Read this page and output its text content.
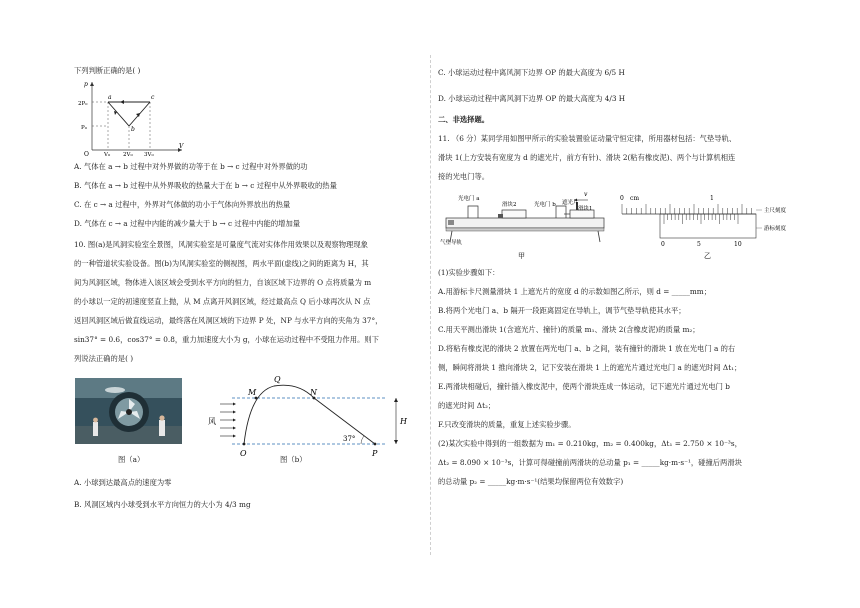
下列判断正确的是( )
p
V
O
2P₀
P₀
V₀ 2V₀ 3V₀
a
b
c
A. 气体在 a → b 过程中对外界做的功等于在 b → c 过程中对外界做的功
B. 气体在 a → b 过程中从外界吸收的热量大于在 b → c 过程中从外界吸收的热量
C. 在 c → a 过程中，外界对气体做的功小于气体向外界放出的热量
D. 气体在 c → a 过程中内能的减少量大于 b → c 过程中内能的增加量
10. 图(a)是风洞实验室全景图，风洞实验室是可量度气流对实体作用效果以及观察物理现象
的一种管道状实验设备。图(b)为风洞实验室的侧视图，两水平面(虚线)之间的距离为 H，其
间为风洞区域，物体进入该区域会受到水平方向的恒力，自该区域下边界的 O 点将质量为 m
的小球以一定的初速度竖直上抛，从 M 点离开风洞区域，经过最高点 Q 后小球再次从 N 点
返回风洞区域后做直线运动，最终落在风洞区域的下边界 P 处，NP 与水平方向的夹角为 37°，
sin37° = 0.6，cos37° = 0.8，重力加速度大小为 g，小球在运动过程中不受阻力作用。则下
列说法正确的是( )
图（a）
风
M
Q
N
O	P
H
37°
图（b）
A. 小球到达最高点的速度为零
B. 风洞区域内小球受到水平方向恒力的大小为 4/3 mg
C. 小球运动过程中离风洞下边界 OP 的最大高度为 6/5 H
D. 小球运动过程中离风洞下边界 OP 的最大高度为 4/3 H
二、非选择题。
11. （6 分）某同学用如图甲所示的实验装置验证动量守恒定律，所用器材包括：气垫导轨、
滑块 1(上方安装有宽度为 d 的遮光片，前方有针)、滑块 2(粘有橡皮泥)、两个与计算机相连
接的光电门等。
光电门 a
滑块2	光电门 b 遮光片
滑块1
v
气垫导轨
甲
cm
0	1
0	5	10
主尺刻度
游标刻度
乙
(1)实验步骤如下：
A.用游标卡尺测量滑块 1 上遮光片的宽度 d 的示数如图乙所示，则 d = _____mm；
B.将两个光电门 a、b 隔开一段距离固定在导轨上，调节气垫导轨使其水平；
C.用天平测出滑块 1(含遮光片、撞针)的质量 m₁、滑块 2(含橡皮泥)的质量 m₂；
D.将粘有橡皮泥的滑块 2 放置在两光电门 a、b 之间，装有撞针的滑块 1 放在光电门 a 的右
侧，瞬间将滑块 1 推向滑块 2，记下安装在滑块 1 上的遮光片通过光电门 a 的遮光时间 Δt₁；
E.两滑块相碰后，撞针插入橡皮泥中，使两个滑块连成一体运动，记下遮光片通过光电门 b
的遮光时间 Δt₂；
F.只改变滑块的质量，重复上述实验步骤。
(2)某次实验中得到的一组数据为 m₁ = 0.210kg，m₂ = 0.400kg，Δt₁ = 2.750 × 10⁻³s，
Δt₂ = 8.090 × 10⁻³s，计算可得碰撞前两滑块的总动量 p₁ = _____kg·m·s⁻¹，碰撞后两滑块
的总动量 p₂ = _____kg·m·s⁻¹(结果均保留两位有效数字)
